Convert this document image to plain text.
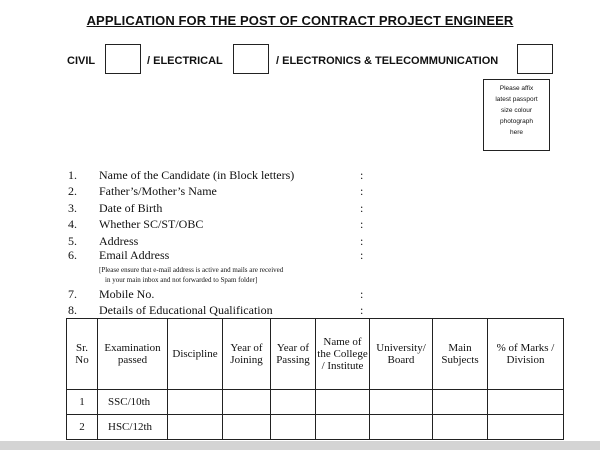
APPLICATION FOR THE POST OF CONTRACT PROJECT ENGINEER
CIVIL	/ ELECTRICAL	/ ELECTRONICS & TELECOMMUNICATION
Please affix
latest passport
size colour
photograph
here
1. Name of the Candidate (in Block letters)	:
2. Father’s/Mother’s Name	:
3. Date of Birth	:
4. Whether SC/ST/OBC	:
5. Address	:
6. Email Address	:
[Please ensure that e-mail address is active and mails are received
in your main inbox and not forwarded to Spam folder]
7. Mobile No.	:
8. Details of Educational Qualification	:
Sr. No	Examination passed	Discipline	Year of Joining	Year of Passing	Name of the College / Institute	University/ Board	Main Subjects	% of Marks / Division
1	SSC/10th							
2	HSC/12th							
